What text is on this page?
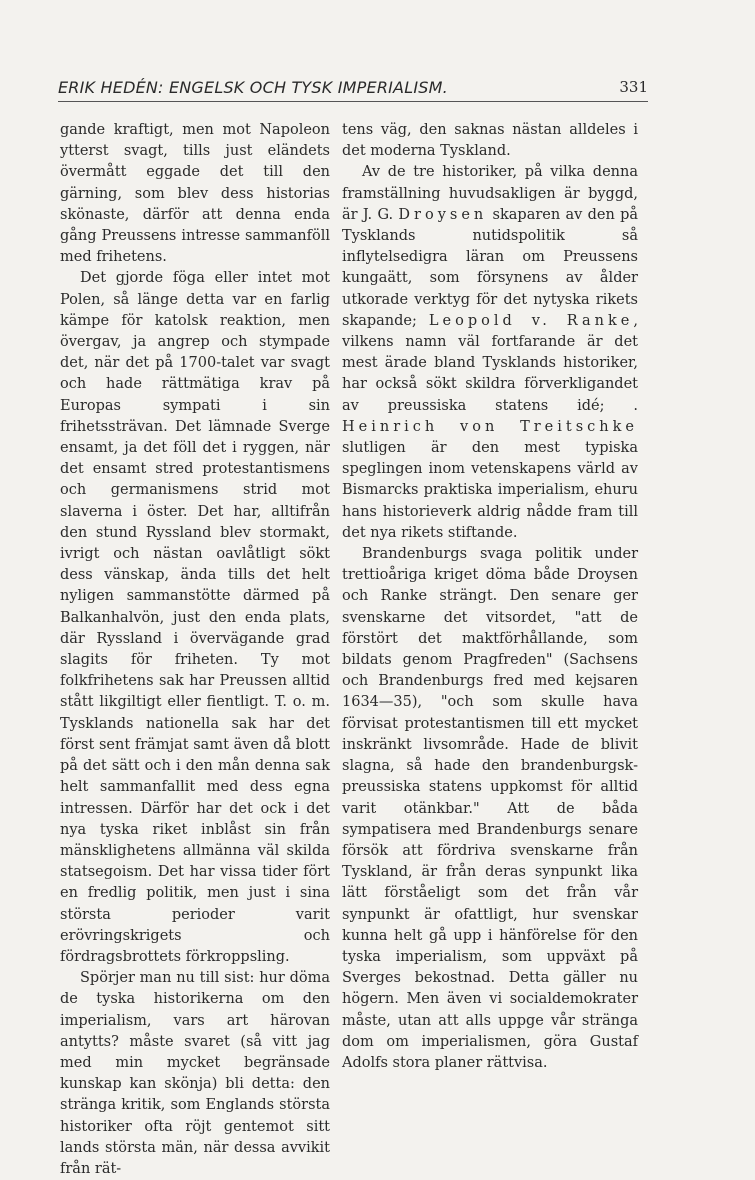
ERIK HEDÉN: ENGELSK OCH TYSK IMPERIALISM.	331

gande kraftigt, men mot Napoleon ytterst svagt, tills just eländets övermått eggade det till den gärning, som blev dess historias skönaste, därför att denna enda gång Preussens intresse sammanföll med frihetens.

Det gjorde föga eller intet mot Polen, så länge detta var en farlig kämpe för katolsk reaktion, men övergav, ja angrep och stympade det, när det på 1700-talet var svagt och hade rättmätiga krav på Europas sympati i sin frihetssträvan. Det lämnade Sverge ensamt, ja det föll det i ryggen, när det ensamt stred protestantismens och germanismens strid mot slaverna i öster. Det har, alltifrån den stund Ryssland blev stormakt, ivrigt och nästan oavlåtligt sökt dess vänskap, ända tills det helt nyligen sammanstötte därmed på Balkanhalvön, just den enda plats, där Ryssland i övervägande grad slagits för friheten. Ty mot folkfrihetens sak har Preussen alltid stått likgiltigt eller fientligt. T. o. m. Tysklands nationella sak har det först sent främjat samt även då blott på det sätt och i den mån denna sak helt sammanfallit med dess egna intressen. Därför har det ock i det nya tyska riket inblåst sin från mänsklighetens allmänna väl skilda statsegoism. Det har vissa tider fört en fredlig politik, men just i sina största perioder varit erövringskrigets och fördragsbrottets förkroppsling.

Spörjer man nu till sist: hur döma de tyska historikerna om den imperialism, vars art härovan antytts? måste svaret (så vitt jag med min mycket begränsade kunskap kan skönja) bli detta: den stränga kritik, som Englands största historiker ofta röjt gentemot sitt lands största män, när dessa avvikit från rät-

tens väg, den saknas nästan alldeles i det moderna Tyskland.

Av de tre historiker, på vilka denna framställning huvudsakligen är byggd, är J. G. Droysen skaparen av den på Tysklands nutidspolitik så inflytelsedigra läran om Preussens kungaätt, som försynens av ålder utkorade verktyg för det nytyska rikets skapande; Leopold v. Ranke, vilkens namn väl fortfarande är det mest ärade bland Tysklands historiker, har också sökt skildra förverkligandet av preussiska statens idé; . Heinrich von Treitschke slutligen är den mest typiska speglingen inom vetenskapens värld av Bismarcks praktiska imperialism, ehuru hans historieverk aldrig nådde fram till det nya rikets stiftande.

Brandenburgs svaga politik under trettioåriga kriget döma både Droysen och Ranke strängt. Den senare ger svenskarne det vitsordet, "att de förstört det maktförhållande, som bildats genom Pragfreden" (Sachsens och Brandenburgs fred med kejsaren 1634—35), "och som skulle hava förvisat protestantismen till ett mycket inskränkt livsområde. Hade de blivit slagna, så hade den brandenburgsk-preussiska statens uppkomst för alltid varit otänkbar." Att de båda sympatisera med Brandenburgs senare försök att fördriva svenskarne från Tyskland, är från deras synpunkt lika lätt förståeligt som det från vår synpunkt är ofattligt, hur svenskar kunna helt gå upp i hänförelse för den tyska imperialism, som uppväxt på Sverges bekostnad. Detta gäller nu högern. Men även vi socialdemokrater måste, utan att alls uppge vår stränga dom om imperialismen, göra Gustaf Adolfs stora planer rättvisa.
